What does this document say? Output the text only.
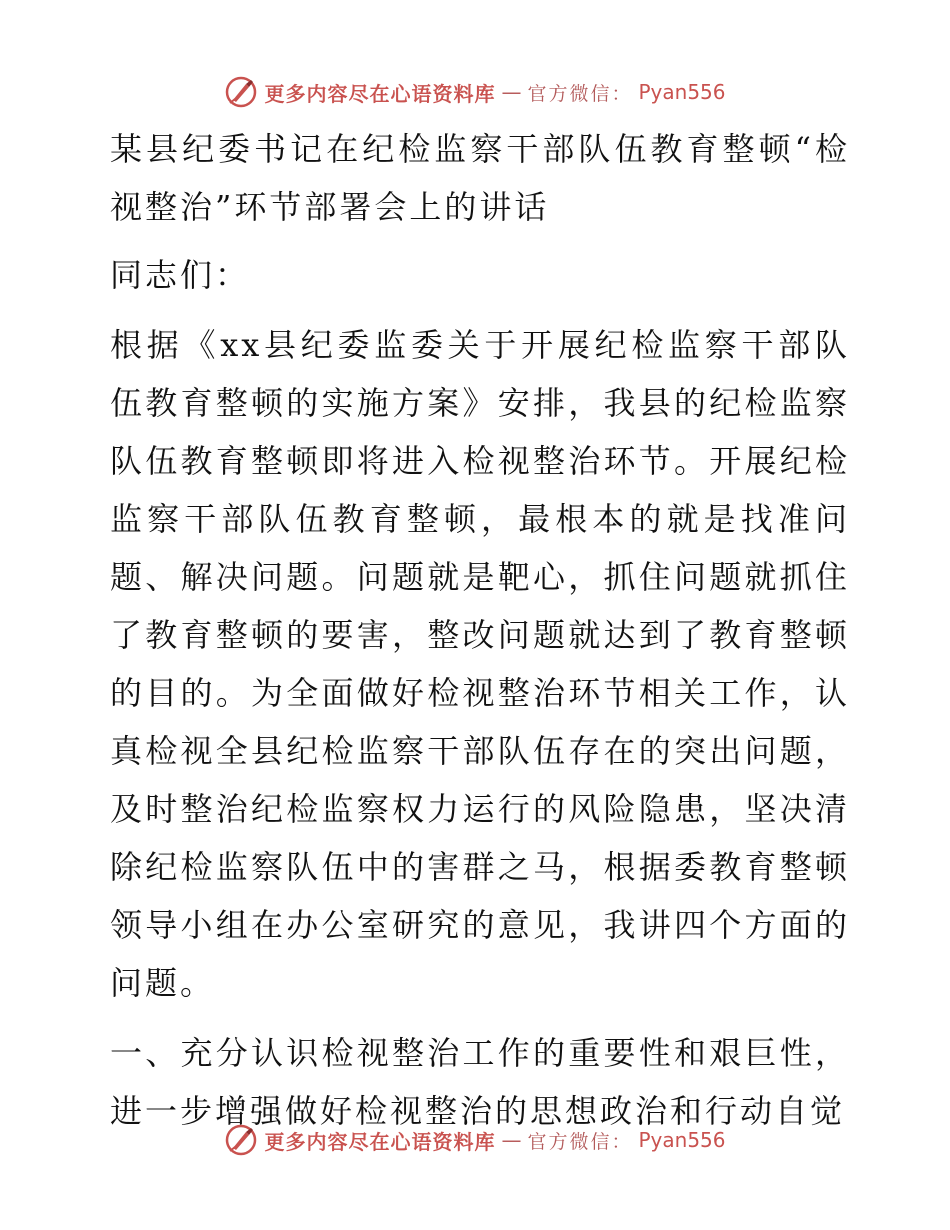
更多内容尽在心语资料库 — 官方微信： Pyan556

某县纪委书记在纪检监察干部队伍教育整顿“检视整治”环节部署会上的讲话

同志们：

根据《xx县纪委监委关于开展纪检监察干部队伍教育整顿的实施方案》安排，我县的纪检监察队伍教育整顿即将进入检视整治环节。开展纪检监察干部队伍教育整顿，最根本的就是找准问题、解决问题。问题就是靶心，抓住问题就抓住了教育整顿的要害，整改问题就达到了教育整顿的目的。为全面做好检视整治环节相关工作，认真检视全县纪检监察干部队伍存在的突出问题，及时整治纪检监察权力运行的风险隐患，坚决清除纪检监察队伍中的害群之马，根据委教育整顿领导小组在办公室研究的意见，我讲四个方面的问题。

一、充分认识检视整治工作的重要性和艰巨性，进一步增强做好检视整治的思想政治和行动自觉

更多内容尽在心语资料库 — 官方微信： Pyan556
